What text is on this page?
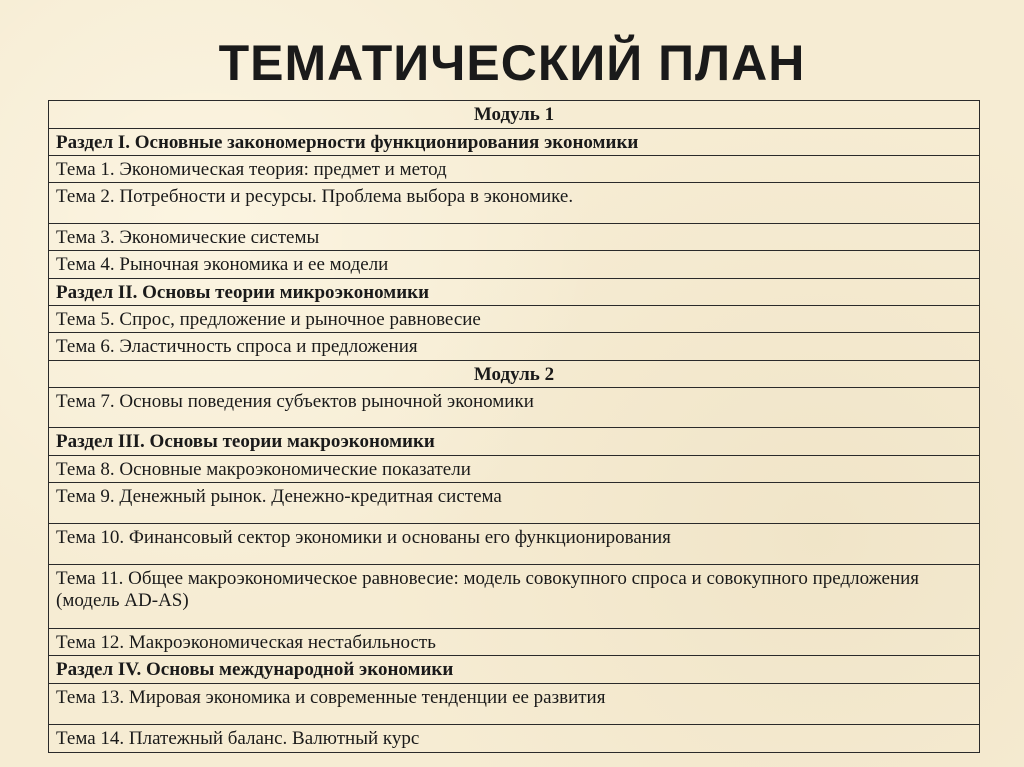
ТЕМАТИЧЕСКИЙ ПЛАН
Модуль 1
Раздел I. Основные закономерности функционирования экономики
Тема 1. Экономическая теория: предмет и метод
Тема 2. Потребности и ресурсы. Проблема выбора в экономике.
Тема 3. Экономические системы
Тема 4. Рыночная экономика и ее модели
Раздел II. Основы теории микроэкономики
Тема 5. Спрос, предложение и рыночное равновесие
Тема 6. Эластичность спроса и предложения
Модуль 2
Тема 7. Основы поведения субъектов рыночной экономики
Раздел III. Основы теории макроэкономики
Тема 8. Основные макроэкономические показатели
Тема 9. Денежный рынок. Денежно-кредитная система
Тема 10. Финансовый сектор экономики и основаны его функционирования
Тема 11. Общее макроэкономическое равновесие: модель совокупного спроса и совокупного предложения (модель AD-AS)
Тема 12. Макроэкономическая нестабильность
Раздел IV. Основы международной экономики
Тема 13. Мировая экономика и современные тенденции ее развития
Тема 14. Платежный баланс. Валютный курс
